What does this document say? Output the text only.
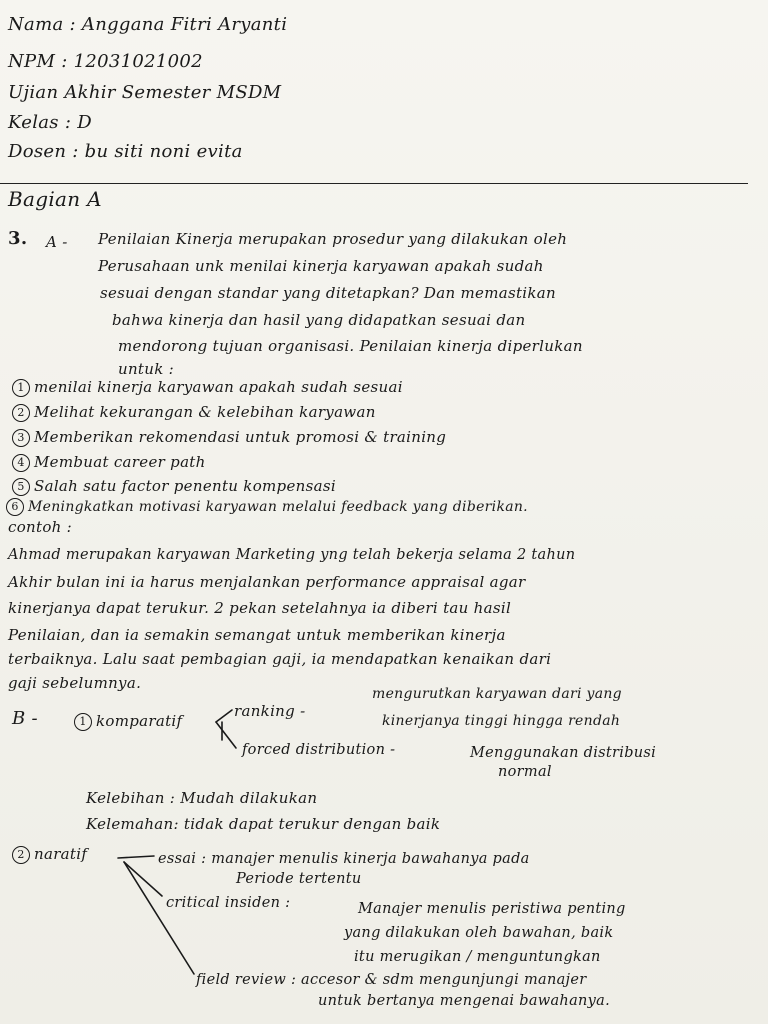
Nama : Anggana Fitri Aryanti
NPM : 12031021002
Ujian Akhir Semester MSDM
Kelas : D
Dosen : bu siti noni evita
Bagian A
3. A - Penilaian Kinerja merupakan prosedur yang dilakukan oleh
Perusahaan unk menilai kinerja karyawan apakah sudah
sesuai dengan standar yang ditetapkan? Dan memastikan
bahwa kinerja dan hasil yang didapatkan sesuai dan
mendorong tujuan organisasi. Penilaian kinerja diperlukan
untuk :
1 menilai kinerja karyawan apakah sudah sesuai
2 Melihat kekurangan & kelebihan karyawan
3 Memberikan rekomendasi untuk promosi & training
4 Membuat career path
5 Salah satu factor penentu kompensasi
6 Meningkatkan motivasi karyawan melalui feedback yang diberikan.
contoh :
Ahmad merupakan karyawan Marketing yng telah bekerja selama 2 tahun
Akhir bulan ini ia harus menjalankan performance appraisal agar
kinerjanya dapat terukur. 2 pekan setelahnya ia diberi tau hasil
Penilaian, dan ia semakin semangat untuk memberikan kinerja
terbaiknya. Lalu saat pembagian gaji, ia mendapatkan kenaikan dari
gaji sebelumnya.
B -	1 komparatif
ranking -
mengurutkan karyawan dari yang
kinerjanya tinggi hingga rendah
forced distribution -	Menggunakan distribusi
normal
Kelebihan : Mudah dilakukan
Kelemahan: tidak dapat terukur dengan baik
2 naratif	essai : manajer menulis kinerja bawahanya pada
Periode tertentu
critical insiden :	Manajer menulis peristiwa penting
yang dilakukan oleh bawahan, baik
itu merugikan / menguntungkan
field review : accesor & sdm mengunjungi manajer
untuk bertanya mengenai bawahanya.
